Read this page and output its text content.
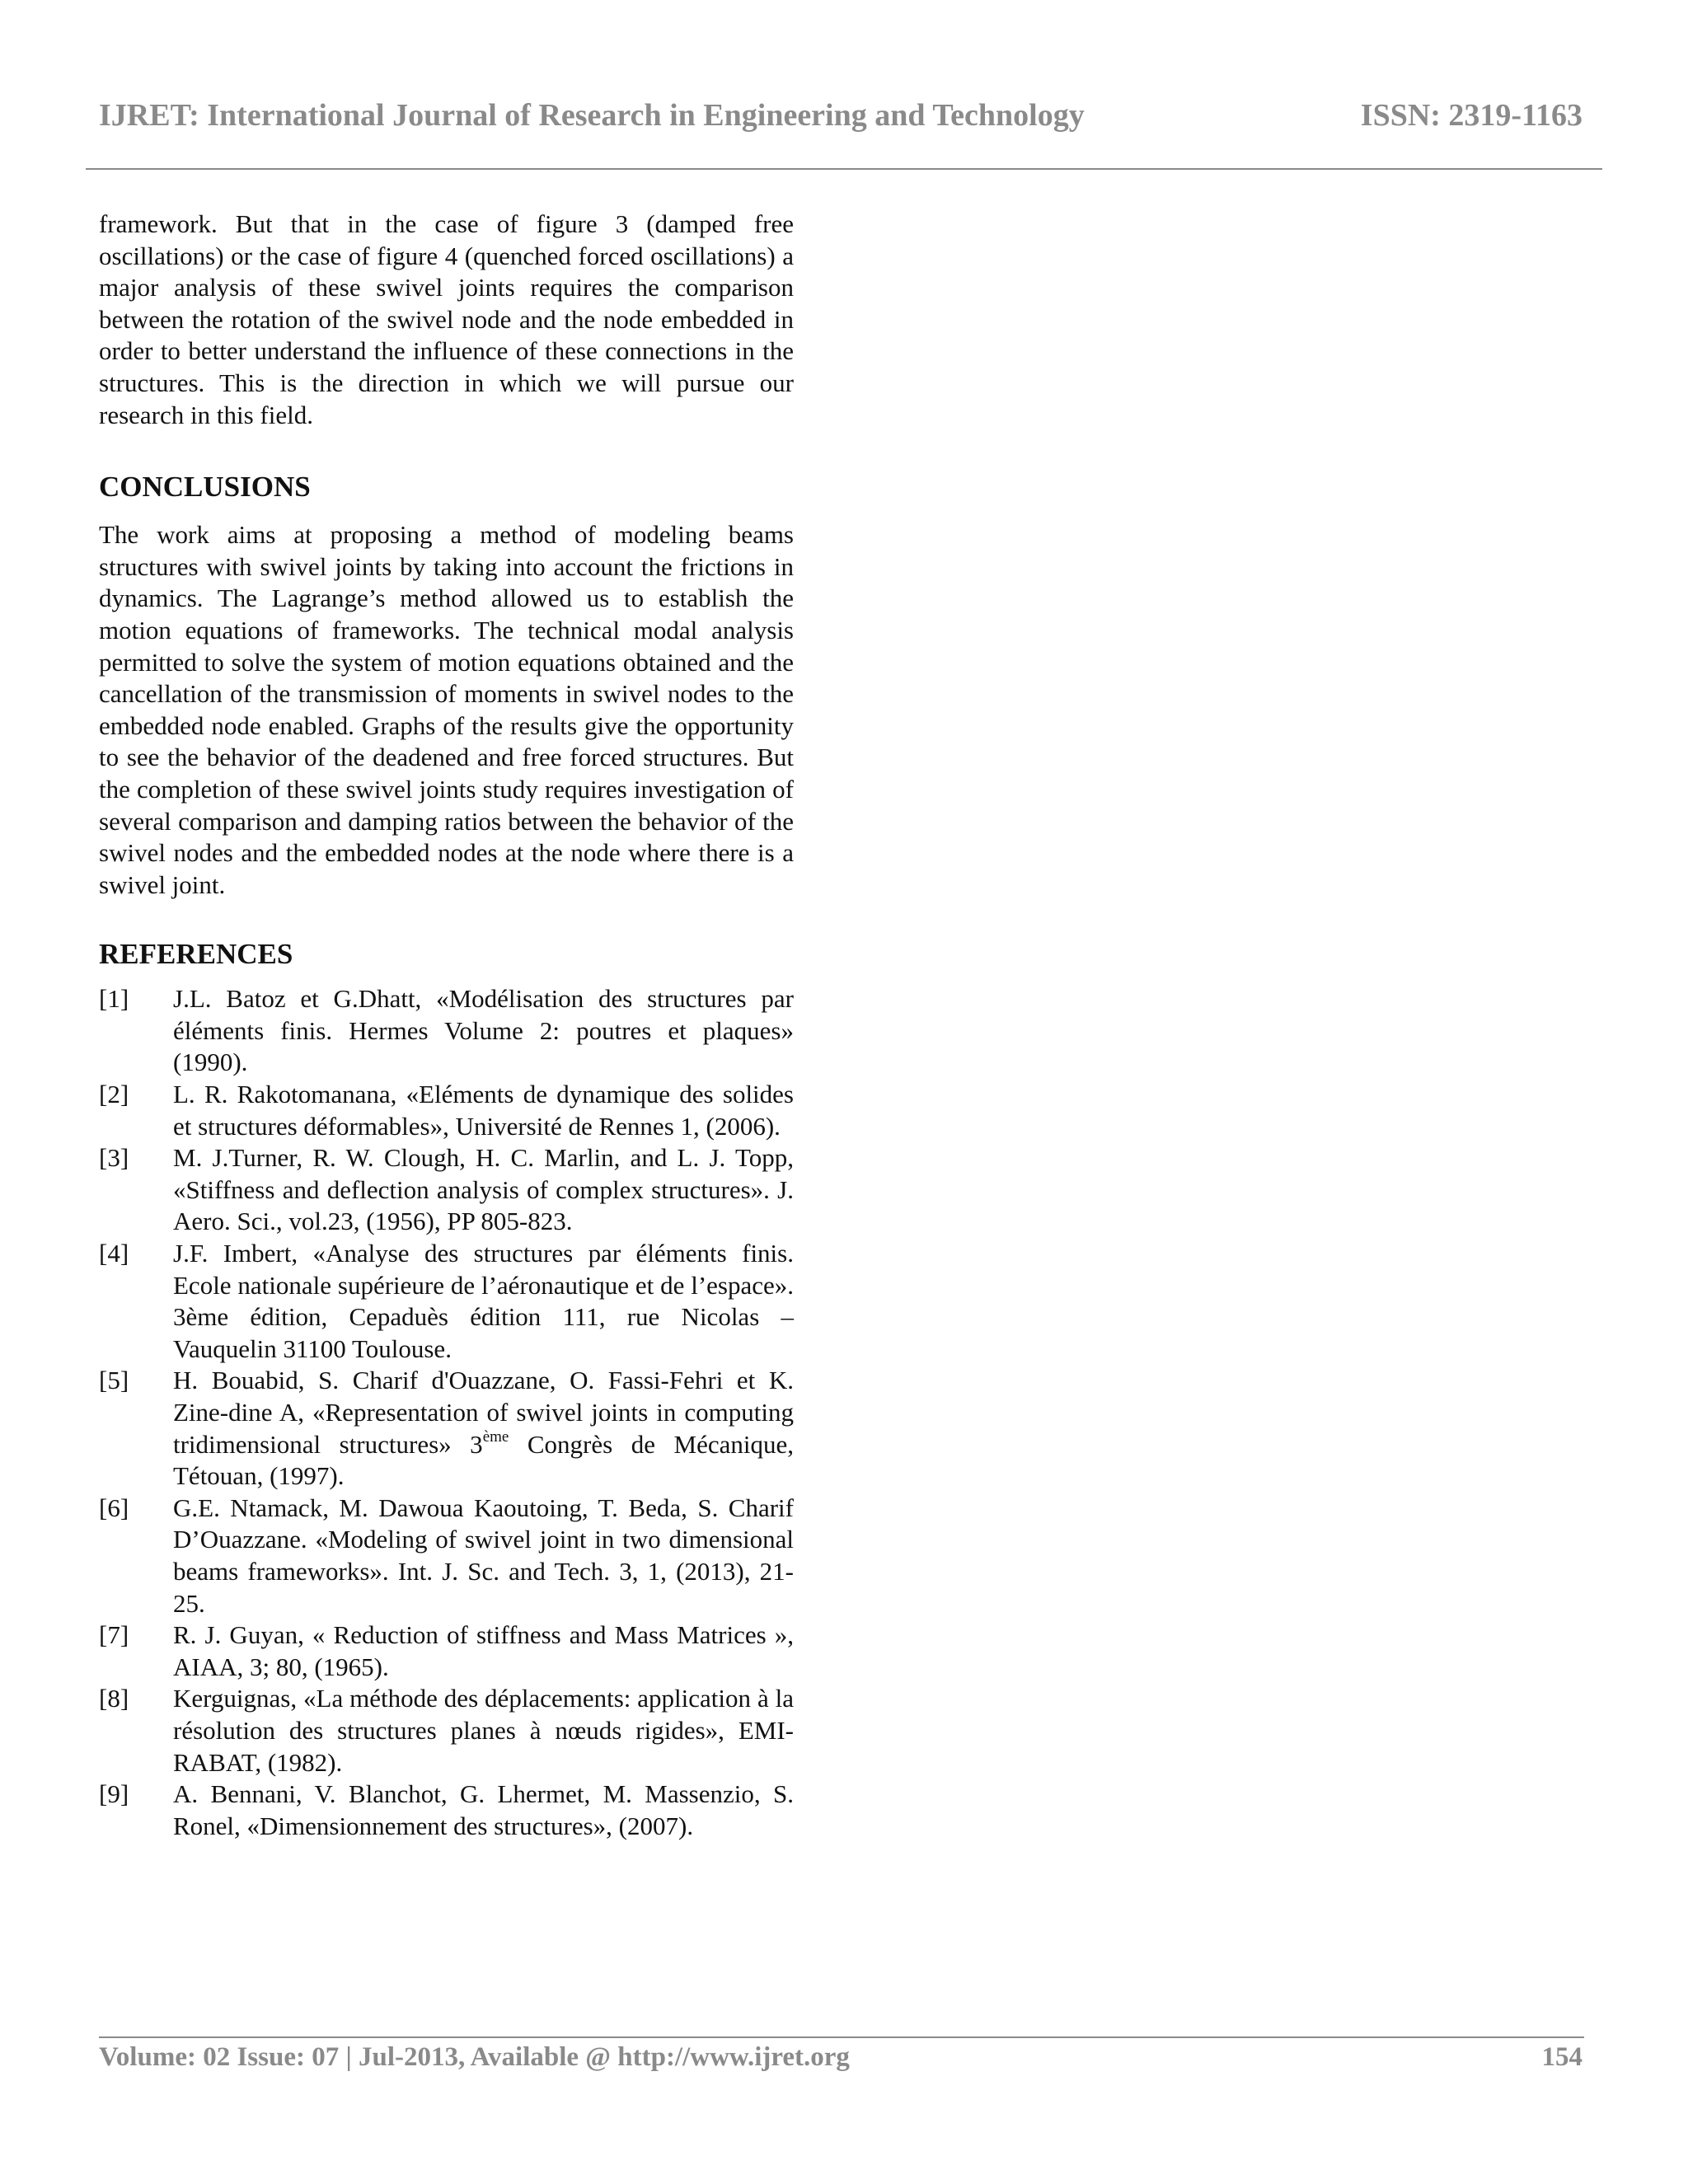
IJRET: International Journal of Research in Engineering and Technology	ISSN: 2319-1163

framework. But that in the case of figure 3 (damped free oscillations) or the case of figure 4 (quenched forced oscillations) a major analysis of these swivel joints requires the comparison between the rotation of the swivel node and the node embedded in order to better understand the influence of these connections in the structures. This is the direction in which we will pursue our research in this field.

CONCLUSIONS

The work aims at proposing a method of modeling beams structures with swivel joints by taking into account the frictions in dynamics. The Lagrange’s method allowed us to establish the motion equations of frameworks. The technical modal analysis permitted to solve the system of motion equations obtained and the cancellation of the transmission of moments in swivel nodes to the embedded node enabled. Graphs of the results give the opportunity to see the behavior of the deadened and free forced structures. But the completion of these swivel joints study requires investigation of several comparison and damping ratios between the behavior of the swivel nodes and the embedded nodes at the node where there is a swivel joint.

REFERENCES
[1]	J.L. Batoz et G.Dhatt, «Modélisation des structures par éléments finis. Hermes Volume 2: poutres et plaques» (1990).
[2]	L. R. Rakotomanana, «Eléments de dynamique des solides et structures déformables», Université de Rennes 1, (2006).
[3]	M. J.Turner, R. W. Clough, H. C. Marlin, and L. J. Topp, «Stiffness and deflection analysis of complex structures». J. Aero. Sci., vol.23, (1956), PP 805-823.
[4]	J.F. Imbert, «Analyse des structures par éléments finis. Ecole nationale supérieure de l’aéronautique et de l’espace». 3ème édition, Cepaduès édition 111, rue Nicolas – Vauquelin 31100 Toulouse.
[5]	H. Bouabid, S. Charif d'Ouazzane, O. Fassi-Fehri et K. Zine-dine A, «Representation of swivel joints in computing tridimensional structures» 3ème Congrès de Mécanique, Tétouan, (1997).
[6]	G.E. Ntamack, M. Dawoua Kaoutoing, T. Beda, S. Charif D’Ouazzane. «Modeling of swivel joint in two dimensional beams frameworks». Int. J. Sc. and Tech. 3, 1, (2013), 21-25.
[7]	R. J. Guyan, « Reduction of stiffness and Mass Matrices », AIAA, 3; 80, (1965).
[8]	Kerguignas, «La méthode des déplacements: application à la résolution des structures planes à nœuds rigides», EMI-RABAT, (1982).
[9]	A. Bennani, V. Blanchot, G. Lhermet, M. Massenzio, S. Ronel, «Dimensionnement des structures», (2007).
Volume: 02 Issue: 07 | Jul-2013, Available @ http://www.ijret.org	154
